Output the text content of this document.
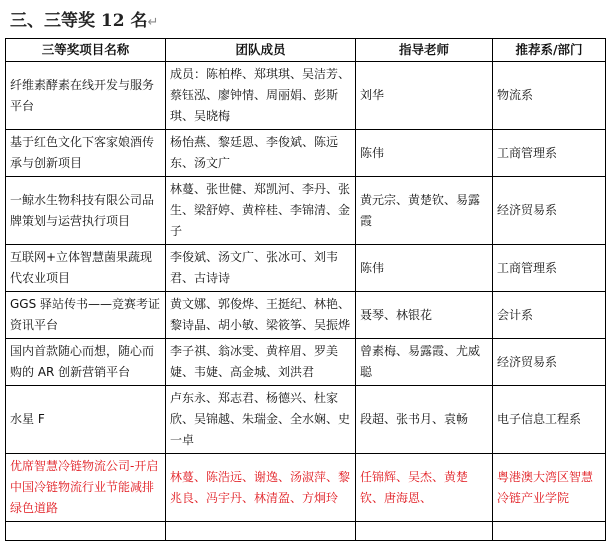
三、三等奖 12 名↵
三等奖项目名称	团队成员	指导老师	推荐系/部门
纤维素酵素在线开发与服务平台	成员：陈柏桦、郑琪琪、吴洁芳、蔡钰泓、廖钟情、周丽娟、彭斯琪、吴晓梅	刘华	物流系
基于红色文化下客家娘酒传承与创新项目	杨怡燕、黎廷恩、李俊斌、陈远东、汤文广	陈伟	工商管理系
一鲸水生物科技有限公司品牌策划与运营执行项目	林蔓、张世健、郑凯河、李丹、张生、梁舒婷、黄梓桂、李锦清、金子	黄元宗、黄楚钦、易露霞	经济贸易系
互联网+立体智慧菌果蔬现代农业项目	李俊斌、汤文广、张冰可、刘韦君、古诗诗	陈伟	工商管理系
GGS 驿站传书——竞赛考证资讯平台	黄文娜、郭俊烨、王挺纪、林艳、黎诗晶、胡小敏、梁筱筝、吴振烨	聂琴、林银花	会计系
国内首款随心而想，随心而购的 AR 创新营销平台	李子祺、翁冰雯、黄梓眉、罗美婕、韦婕、高金城、刘洪君	曾素梅、易露霞、尤威聪	经济贸易系
水星 F	卢东永、郑志君、杨德兴、杜家欣、吴锦越、朱瑞金、全水娴、史一卓	段超、张书月、袁畅	电子信息工程系
优席智慧冷链物流公司-开启中国冷链物流行业节能减排绿色道路	林蔓、陈浩远、谢逸、汤淑萍、黎兆良、冯宇丹、林清盈、方炯玲	任锦辉、吴杰、黄楚钦、唐海恩、	粤港澳大湾区智慧冷链产业学院
